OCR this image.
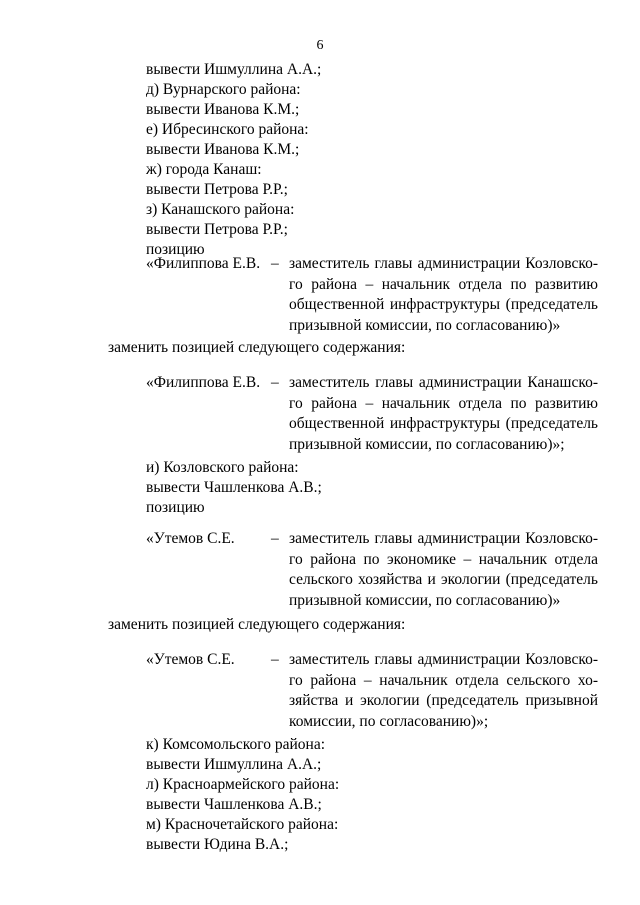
6
вывести Ишмуллина А.А.;
д) Вурнарского района:
вывести Иванова К.М.;
е) Ибресинского района:
вывести Иванова К.М.;
ж) города Канаш:
вывести Петрова Р.Р.;
з) Канашского района:
вывести Петрова Р.Р.;
позицию
«Филиппова Е.В. – заместитель главы администрации Козловско-
го района – начальник отдела по развитию
общественной инфраструктуры (председатель
призывной комиссии, по согласованию)»
заменить позицией следующего содержания:
«Филиппова Е.В. – заместитель главы администрации Канашско-
го района – начальник отдела по развитию
общественной инфраструктуры (председатель
призывной комиссии, по согласованию)»;
и) Козловского района:
вывести Чашленкова А.В.;
позицию
«Утемов С.Е. – заместитель главы администрации Козловско-
го района по экономике – начальник отдела
сельского хозяйства и экологии (председатель
призывной комиссии, по согласованию)»
заменить позицией следующего содержания:
«Утемов С.Е. – заместитель главы администрации Козловско-
го района – начальник отдела сельского хо-
зяйства и экологии (председатель призывной
комиссии, по согласованию)»;
к) Комсомольского района:
вывести Ишмуллина А.А.;
л) Красноармейского района:
вывести Чашленкова А.В.;
м) Красночетайского района:
вывести Юдина В.А.;
